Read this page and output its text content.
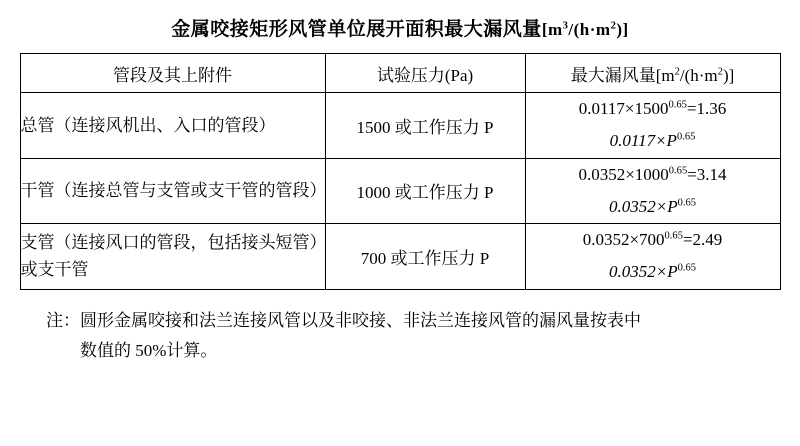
金属咬接矩形风管单位展开面积最大漏风量$[m^3/(h\cdot m^2)]$
管段及其上附件	试验压力(Pa)	最大漏风量$[m^2/(h\cdot m^2)]$
总管（连接风机出、入口的管段）	1500 或工作压力 P	$0.0117\times 1500^{0.65}=1.36$
$0.0117\times P^{0.65}$

干管（连接总管与支管或支干管的管段）	1000 或工作压力 P	$0.0352\times 1000^{0.65}=3.14$
$0.0352\times P^{0.65}$

支管（连接风口的管段，包括接头短管）或支干管	700 或工作压力 P	$0.0352\times 700^{0.65}=2.49$
$0.0352\times P^{0.65}$
注：圆形金属咬接和法兰连接风管以及非咬接、非法兰连接风管的漏风量按表中
数值的 50%计算。
